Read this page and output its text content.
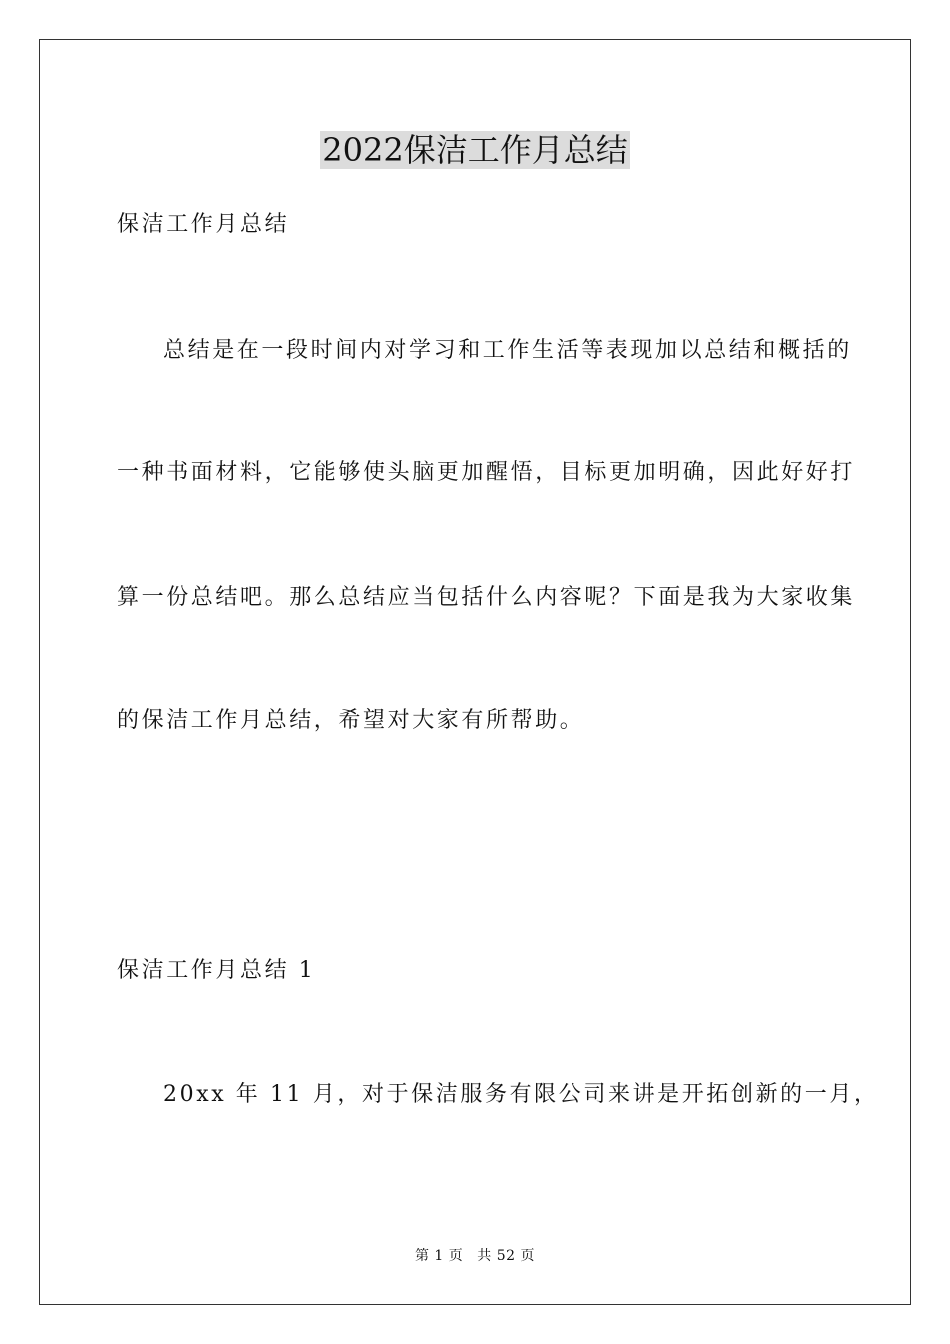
2022保洁工作月总结

保洁工作月总结

总结是在一段时间内对学习和工作生活等表现加以总结和概括的

一种书面材料，它能够使头脑更加醒悟，目标更加明确，因此好好打

算一份总结吧。那么总结应当包括什么内容呢？下面是我为大家收集

的保洁工作月总结，希望对大家有所帮助。

保洁工作月总结 1

20xx 年 11 月，对于保洁服务有限公司来讲是开拓创新的一月，

第 1 页 共 52 页
